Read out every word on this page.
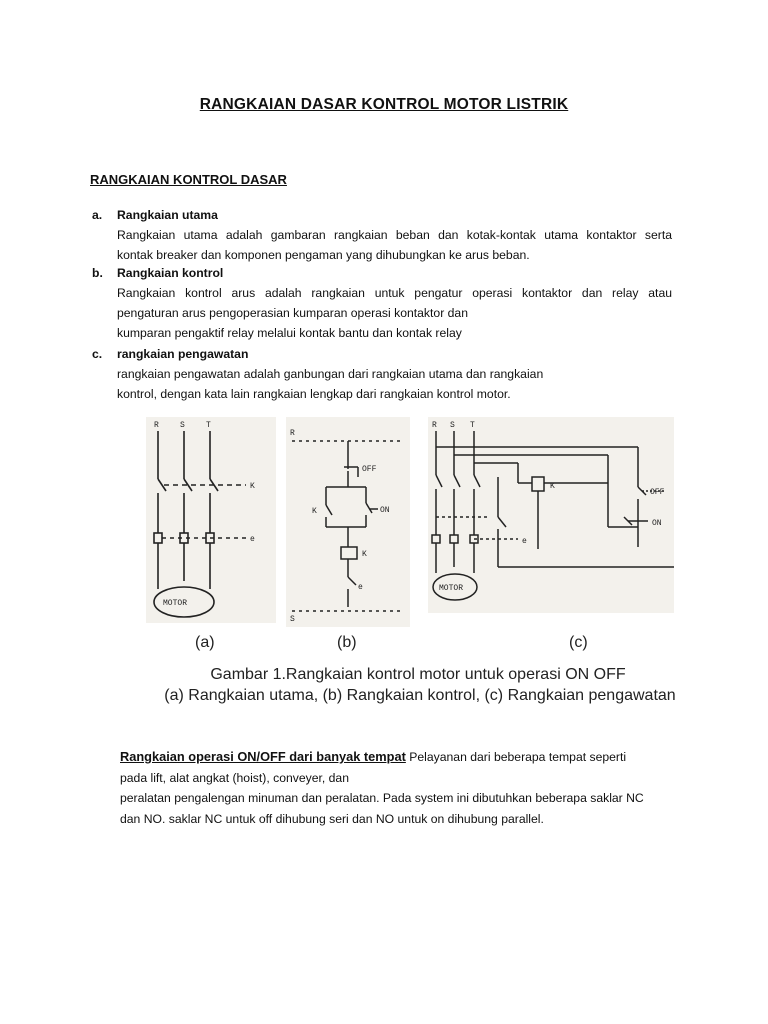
RANGKAIAN DASAR KONTROL MOTOR LISTRIK
RANGKAIAN KONTROL DASAR
a. Rangkaian utama
Rangkaian utama adalah gambaran rangkaian beban dan kotak-kontak utama kontaktor serta
kontak breaker dan komponen pengaman yang dihubungkan ke arus beban.
b. Rangkaian kontrol
Rangkaian kontrol arus adalah rangkaian untuk pengatur operasi kontaktor dan relay atau
pengaturan arus pengoperasian kumparan operasi kontaktor dan
kumparan pengaktif relay melalui kontak bantu dan kontak relay
c. rangkaian pengawatan
rangkaian pengawatan adalah ganbungan dari rangkaian utama dan rangkaian
kontrol, dengan kata lain rangkaian lengkap dari rangkaian kontrol motor.
R	S	T
K
e
MOTOR
R
OFF
K	ON
K
e
S
R S T
K
OFF
ON
e
MOTOR
(a)	(b)	(c)
Gambar 1.Rangkaian kontrol motor untuk operasi ON OFF
(a) Rangkaian utama, (b) Rangkaian kontrol, (c) Rangkaian pengawatan
Rangkaian operasi ON/OFF dari banyak tempat Pelayanan dari beberapa tempat seperti
pada lift, alat angkat (hoist), conveyer, dan
peralatan pengalengan minuman dan peralatan. Pada system ini dibutuhkan beberapa saklar NC
dan NO. saklar NC untuk off dihubung seri dan NO untuk on dihubung parallel.
